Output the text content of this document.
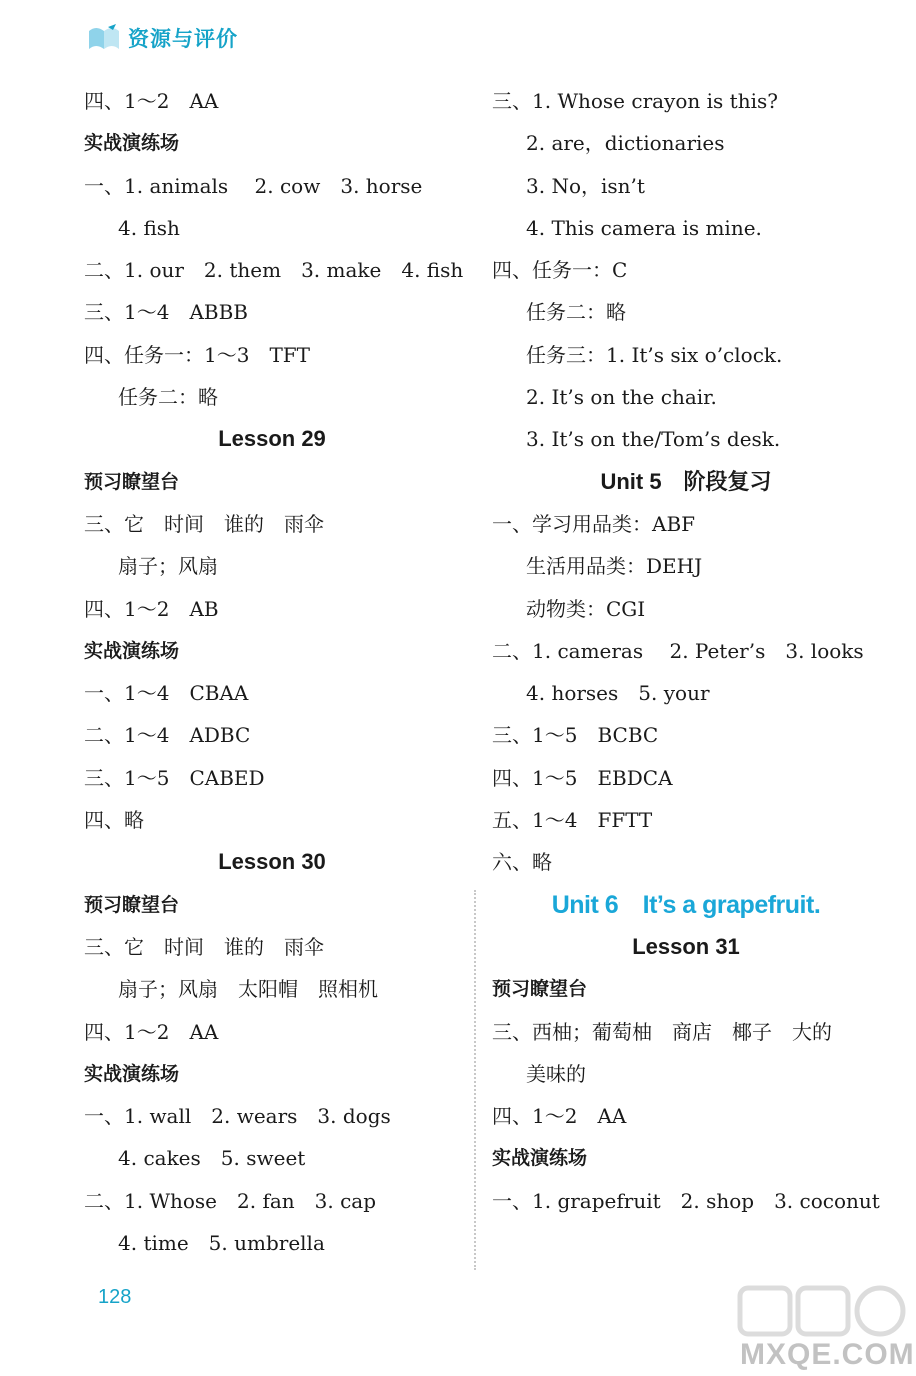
资源与评价
四、1～2　AA
实战演练场
一、1. animals　 2. cow　3. horse
4. fish
二、1. our　2. them　3. make　4. fish
三、1～4　ABBB
四、任务一：1～3　TFT
任务二：略
Lesson 29
预习瞭望台
三、它　时间　谁的　雨伞
扇子；风扇
四、1～2　AB
实战演练场
一、1～4　CBAA
二、1～4　ADBC
三、1～5　CABED
四、略
Lesson 30
预习瞭望台
三、它　时间　谁的　雨伞
扇子；风扇　太阳帽　照相机
四、1～2　AA
实战演练场
一、1. wall　2. wears　3. dogs
4. cakes　5. sweet
二、1. Whose　2. fan　3. cap
4. time　5. umbrella
三、1. Whose crayon is this?
2. are，dictionaries
3. No，isn’t
4. This camera is mine.
四、任务一：C
任务二：略
任务三：1. It’s six o’clock.
2. It’s on the chair.
3. It’s on the/Tom’s desk.
Unit 5　阶段复习
一、学习用品类：ABF
生活用品类：DEHJ
动物类：CGI
二、1. cameras　 2. Peter’s　3. looks
4. horses　5. your
三、1～5　BCBC
四、1～5　EBDCA
五、1～4　FFTT
六、略
Unit 6　It’s a grapefruit.
Lesson 31
预习瞭望台
三、西柚；葡萄柚　商店　椰子　大的
美味的
四、1～2　AA
实战演练场
一、1. grapefruit　2. shop　3. coconut
128
MXQE.COM
